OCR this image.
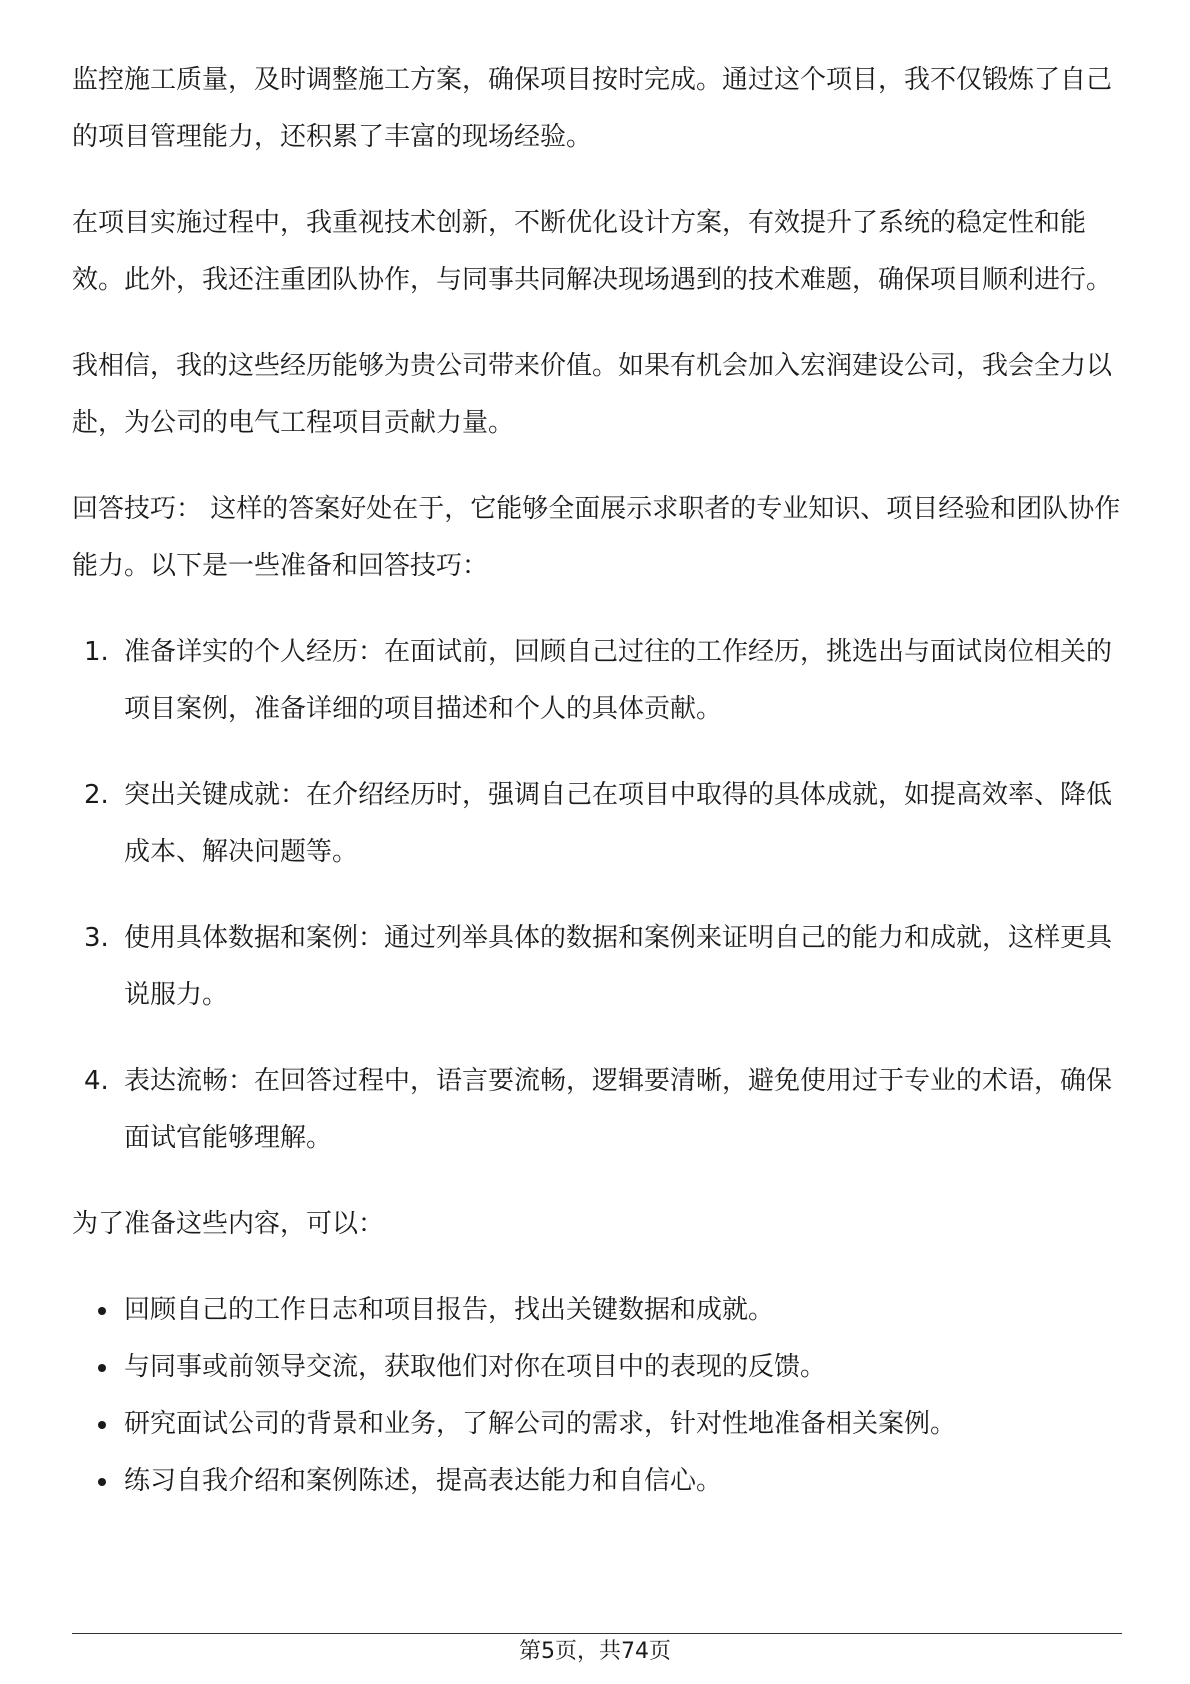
监控施工质量，及时调整施工方案，确保项目按时完成。通过这个项目，我不仅锻炼了自己的项目管理能力，还积累了丰富的现场经验。

在项目实施过程中，我重视技术创新，不断优化设计方案，有效提升了系统的稳定性和能效。此外，我还注重团队协作，与同事共同解决现场遇到的技术难题，确保项目顺利进行。

我相信，我的这些经历能够为贵公司带来价值。如果有机会加入宏润建设公司，我会全力以赴，为公司的电气工程项目贡献力量。

回答技巧： 这样的答案好处在于，它能够全面展示求职者的专业知识、项目经验和团队协作能力。以下是一些准备和回答技巧：

1. 准备详实的个人经历：在面试前，回顾自己过往的工作经历，挑选出与面试岗位相关的项目案例，准备详细的项目描述和个人的具体贡献。
2. 突出关键成就：在介绍经历时，强调自己在项目中取得的具体成就，如提高效率、降低成本、解决问题等。
3. 使用具体数据和案例：通过列举具体的数据和案例来证明自己的能力和成就，这样更具说服力。
4. 表达流畅：在回答过程中，语言要流畅，逻辑要清晰，避免使用过于专业的术语，确保面试官能够理解。

为了准备这些内容，可以：

回顾自己的工作日志和项目报告，找出关键数据和成就。
与同事或前领导交流，获取他们对你在项目中的表现的反馈。
研究面试公司的背景和业务，了解公司的需求，针对性地准备相关案例。
练习自我介绍和案例陈述，提高表达能力和自信心。
第5页，共74页
